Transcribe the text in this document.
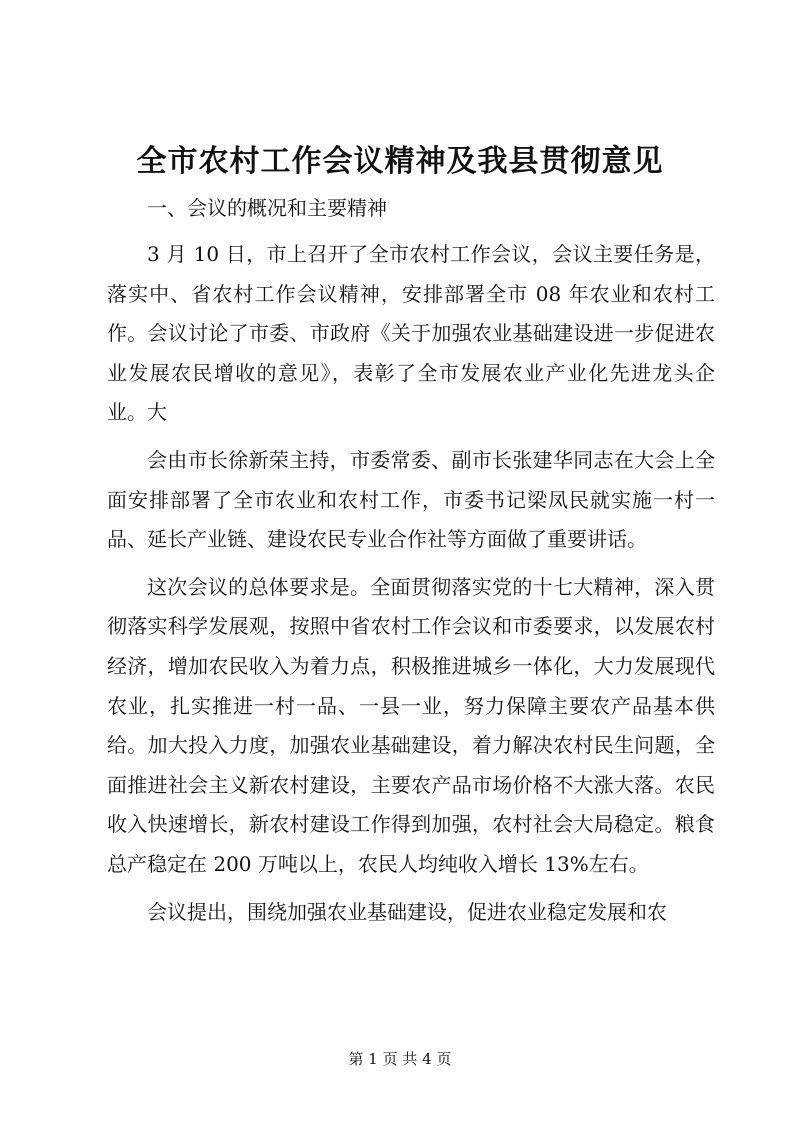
全市农村工作会议精神及我县贯彻意见

一、会议的概况和主要精神

3 月 10 日，市上召开了全市农村工作会议，会议主要任务是，落实中、省农村工作会议精神，安排部署全市 08 年农业和农村工作。会议讨论了市委、市政府《关于加强农业基础建设进一步促进农业发展农民增收的意见》，表彰了全市发展农业产业化先进龙头企业。大

会由市长徐新荣主持，市委常委、副市长张建华同志在大会上全面安排部署了全市农业和农村工作，市委书记梁凤民就实施一村一品、延长产业链、建设农民专业合作社等方面做了重要讲话。

这次会议的总体要求是。全面贯彻落实党的十七大精神，深入贯彻落实科学发展观，按照中省农村工作会议和市委要求，以发展农村经济，增加农民收入为着力点，积极推进城乡一体化，大力发展现代农业，扎实推进一村一品、一县一业，努力保障主要农产品基本供给。加大投入力度，加强农业基础建设，着力解决农村民生问题，全面推进社会主义新农村建设，主要农产品市场价格不大涨大落。农民收入快速增长，新农村建设工作得到加强，农村社会大局稳定。粮食总产稳定在 200 万吨以上，农民人均纯收入增长 13%左右。

会议提出，围绕加强农业基础建设，促进农业稳定发展和农

第 1 页 共 4 页
